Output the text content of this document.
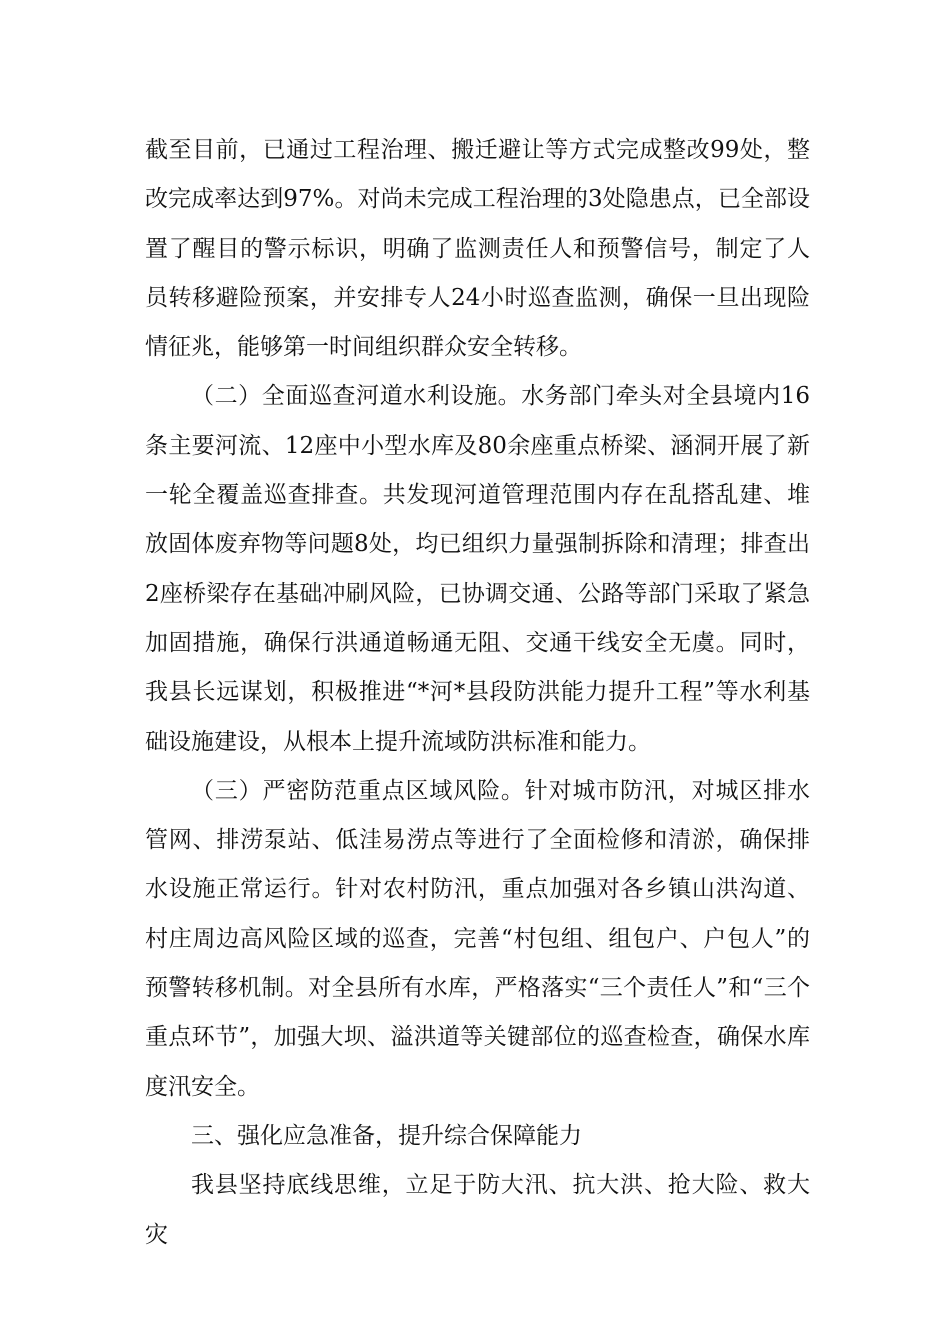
截至目前，已通过工程治理、搬迁避让等方式完成整改99处，整改完成率达到97%。对尚未完成工程治理的3处隐患点，已全部设置了醒目的警示标识，明确了监测责任人和预警信号，制定了人员转移避险预案，并安排专人24小时巡查监测，确保一旦出现险情征兆，能够第一时间组织群众安全转移。

（二）全面巡查河道水利设施。水务部门牵头对全县境内16条主要河流、12座中小型水库及80余座重点桥梁、涵洞开展了新一轮全覆盖巡查排查。共发现河道管理范围内存在乱搭乱建、堆放固体废弃物等问题8处，均已组织力量强制拆除和清理；排查出2座桥梁存在基础冲刷风险，已协调交通、公路等部门采取了紧急加固措施，确保行洪通道畅通无阻、交通干线安全无虞。同时，我县长远谋划，积极推进“*河*县段防洪能力提升工程”等水利基础设施建设，从根本上提升流域防洪标准和能力。

（三）严密防范重点区域风险。针对城市防汛，对城区排水管网、排涝泵站、低洼易涝点等进行了全面检修和清淤，确保排水设施正常运行。针对农村防汛，重点加强对各乡镇山洪沟道、村庄周边高风险区域的巡查，完善“村包组、组包户、户包人”的预警转移机制。对全县所有水库，严格落实“三个责任人”和“三个重点环节”，加强大坝、溢洪道等关键部位的巡查检查，确保水库度汛安全。

三、强化应急准备，提升综合保障能力

我县坚持底线思维，立足于防大汛、抗大洪、抢大险、救大灾
